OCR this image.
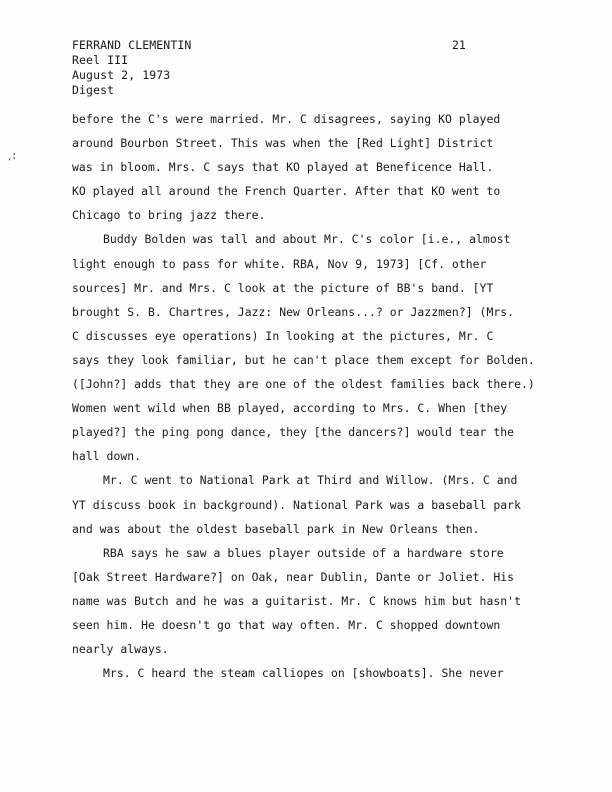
FERRAND CLEMENTIN
Reel III
August 2, 1973
Digest
21
⸲:
before the C's were married. Mr. C disagrees, saying KO played
around Bourbon Street. This was when the [Red Light] District
was in bloom. Mrs. C says that KO played at Beneficence Hall.
KO played all around the French Quarter. After that KO went to
Chicago to bring jazz there.
Buddy Bolden was tall and about Mr. C's color [i.e., almost
light enough to pass for white. RBA, Nov 9, 1973] [Cf. other
sources] Mr. and Mrs. C look at the picture of BB's band. [YT
brought S. B. Chartres, Jazz: New Orleans...? or Jazzmen?] (Mrs.
C discusses eye operations) In looking at the pictures, Mr. C
says they look familiar, but he can't place them except for Bolden.
([John?] adds that they are one of the oldest families back there.)
Women went wild when BB played, according to Mrs. C. When [they
played?] the ping pong dance, they [the dancers?] would tear the
hall down.
Mr. C went to National Park at Third and Willow. (Mrs. C and
YT discuss book in background). National Park was a baseball park
and was about the oldest baseball park in New Orleans then.
RBA says he saw a blues player outside of a hardware store
[Oak Street Hardware?] on Oak, near Dublin, Dante or Joliet. His
name was Butch and he was a guitarist. Mr. C knows him but hasn't
seen him. He doesn't go that way often. Mr. C shopped downtown
nearly always.
Mrs. C heard the steam calliopes on [showboats]. She never
